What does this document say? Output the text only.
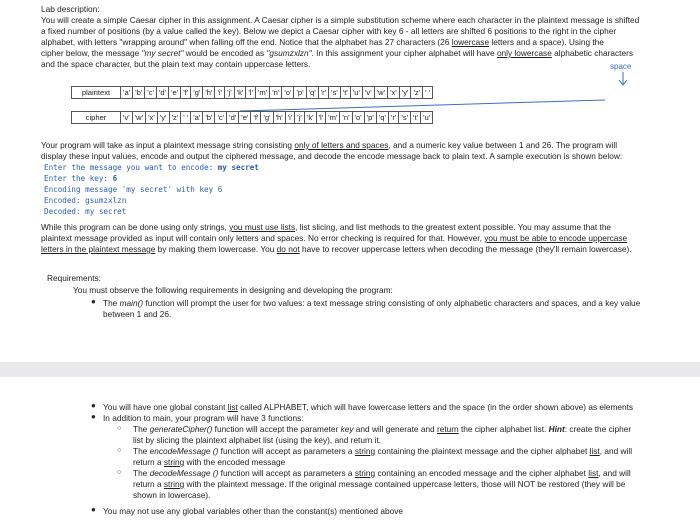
Lab description:
You will create a simple Caesar cipher in this assignment. A Caesar cipher is a simple substitution scheme where each character in the plaintext message is shifted
a fixed number of positions (by a value called the key). Below we depict a Caesar cipher with key 6 - all letters are shifted 6 positions to the right in the cipher
alphabet, with letters "wrapping around" when falling off the end. Notice that the alphabet has 27 characters (26 lowercase letters and a space). Using the
cipher below, the message "my secret" would be encoded as "gsumzxlzn". In this assignment your cipher alphabet will have only lowercase alphabetic characters
and the space character, but the plain text may contain uppercase letters.	space
plaintext	'a'	'b'	'c'	'd'	'e'	'f'	'g'	'h'	'i'	'j'	'k'	'l'	'm'	'n'	'o'	'p'	'q'	'r'	's'	't'	'u'	'v'	'w'	'x'	'y'	'z'	' '
cipher	'v'	'w'	'x'	'y'	'z'	' '	'a'	'b'	'c'	'd'	'e'	'f'	'g'	'h'	'i'	'j'	'k'	'l'	'm'	'n'	'o'	'p'	'q'	'r'	's'	't'	'u'
Your program will take as input a plaintext message string consisting only of letters and spaces, and a numeric key value between 1 and 26. The program will
display these input values, encode and output the ciphered message, and decode the encode message back to plain text. A sample execution is shown below:
Enter the message you want to encode: my secret
Enter the key: 6
Encoding message 'my secret' with key 6
Encoded: gsumzxlzn
Decoded: my secret
While this program can be done using only strings, you must use lists, list slicing, and list methods to the greatest extent possible. You may assume that the
plaintext message provided as input will contain only letters and spaces. No error checking is required for that. However, you must be able to encode uppercase
letters in the plaintext message by making them lowercase. You do not have to recover uppercase letters when decoding the message (they'll remain lowercase).
Requirements:
You must observe the following requirements in designing and developing the program:
● The main() function will prompt the user for two values: a text message string consisting of only alphabetic characters and spaces, and a key value
between 1 and 26.
● You will have one global constant list called ALPHABET, which will have lowercase letters and the space (in the order shown above) as elements
● In addition to main, your program will have 3 functions:
○ The generateCipher() function will accept the parameter key and will generate and return the cipher alphabet list. Hint: create the cipher
list by slicing the plaintext alphabet list (using the key), and return it.
○ The encodeMessage () function will accept as parameters a string containing the plaintext message and the cipher alphabet list, and will
return a string with the encoded message
○ The decodeMessage () function will accept as parameters a string containing an encoded message and the cipher alphabet list, and will
return a string with the plaintext message. If the original message contained uppercase letters, those will NOT be restored (they will be
shown in lowercase).
● You may not use any global variables other than the constant(s) mentioned above
